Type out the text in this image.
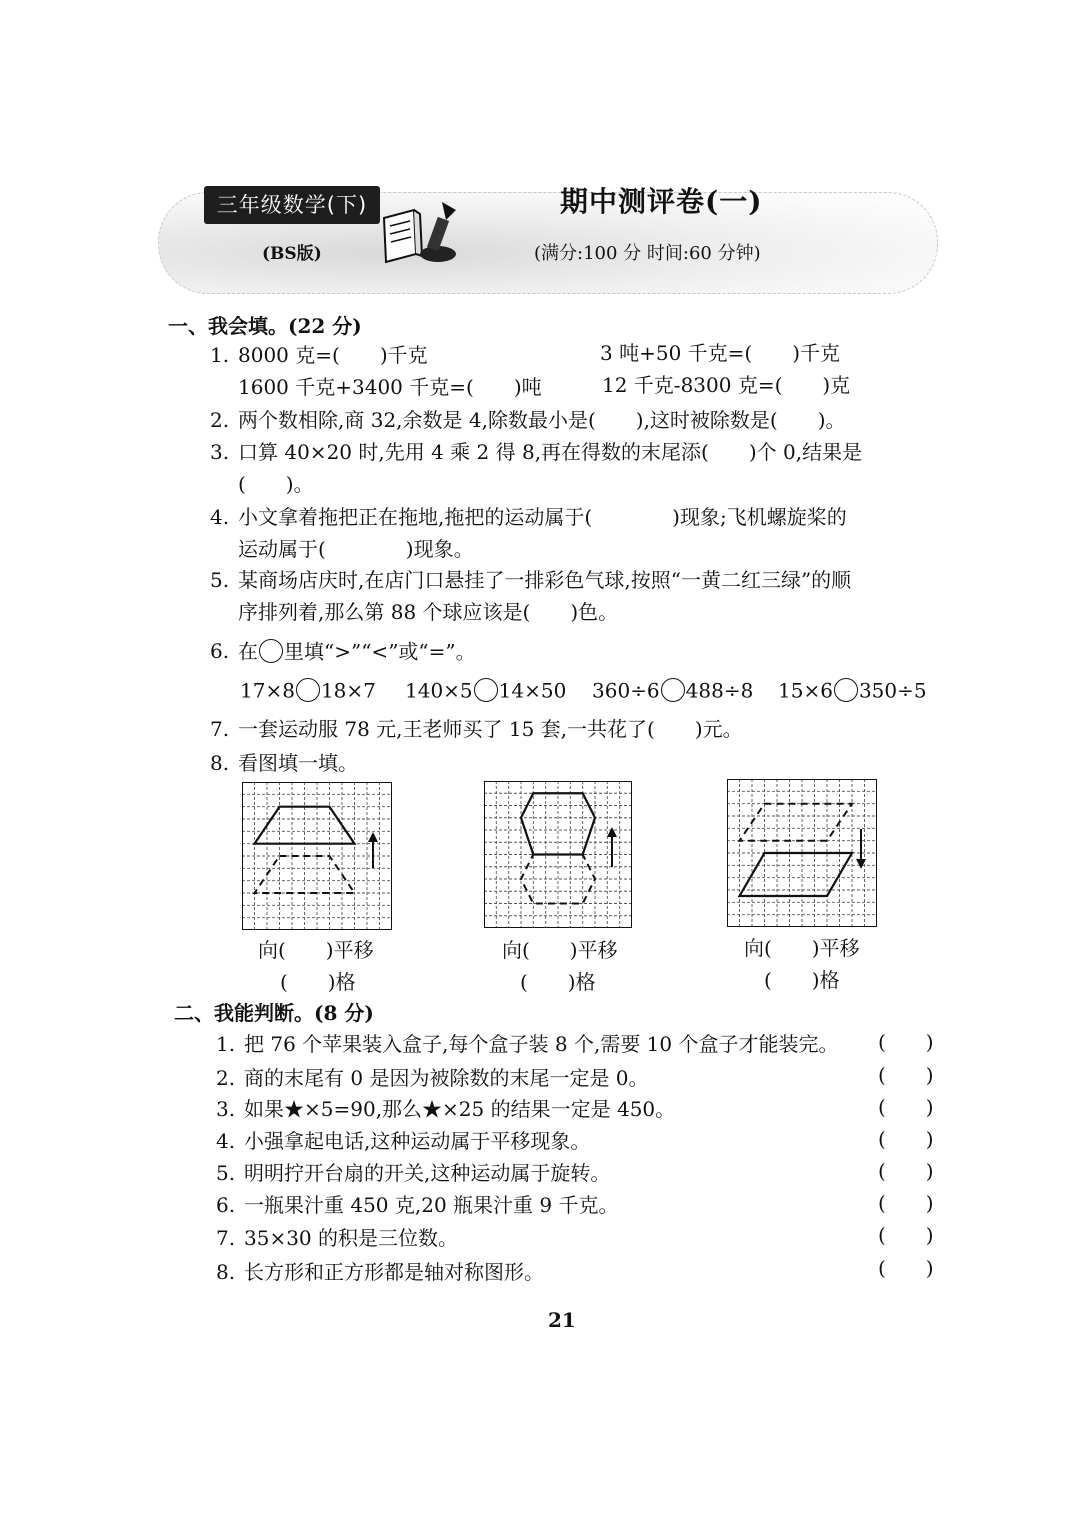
三年级数学(下)
(BS版)
期中测评卷(一)
(满分:100 分 时间:60 分钟)
一、我会填。(22 分)
1. 8000 克=(　　)千克	3 吨+50 千克=(　　)千克
1600 千克+3400 千克=(　　)吨	12 千克-8300 克=(　　)克
2. 两个数相除,商 32,余数是 4,除数最小是(　　),这时被除数是(　　)。
3. 口算 40×20 时,先用 4 乘 2 得 8,再在得数的末尾添(　　)个 0,结果是
(　　)。
4. 小文拿着拖把正在拖地,拖把的运动属于(　　　　)现象;飞机螺旋桨的
运动属于(　　　　)现象。
5. 某商场店庆时,在店门口悬挂了一排彩色气球,按照“一黄二红三绿”的顺
序排列着,那么第 88 个球应该是(　　)色。
6. 在 里填“>”“<”或“=”。
17×8 18×7 140×5 14×50 360÷6 488÷8 15×6 350÷5
7. 一套运动服 78 元,王老师买了 15 套,一共花了(　　)元。
8. 看图填一填。
向(　　)平移
(　　)格
向(　　)平移
(　　)格
向(　　)平移
(　　)格
二、我能判断。(8 分)
1. 把 76 个苹果装入盒子,每个盒子装 8 个,需要 10 个盒子才能装完。 (　　)
2. 商的末尾有 0 是因为被除数的末尾一定是 0。	(　　)
3. 如果★×5=90,那么★×25 的结果一定是 450。	(　　)
4. 小强拿起电话,这种运动属于平移现象。	(　　)
5. 明明拧开台扇的开关,这种运动属于旋转。	(　　)
6. 一瓶果汁重 450 克,20 瓶果汁重 9 千克。	(　　)
7. 35×30 的积是三位数。	(　　)
8. 长方形和正方形都是轴对称图形。	(　　)
21
